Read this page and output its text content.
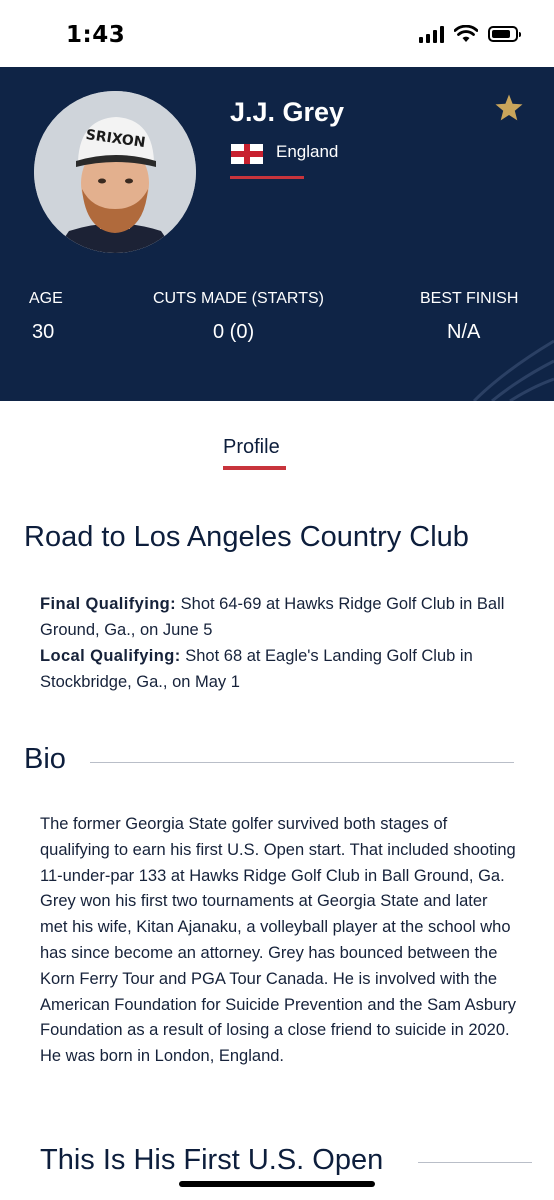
1:43
SRIXON
J.J. Grey
England
AGE
30
CUTS MADE (STARTS)
0 (0)
BEST FINISH
N/A
Profile
Road to Los Angeles Country Club
Final Qualifying: Shot 64-69 at Hawks Ridge Golf Club in Ball Ground, Ga., on June 5
Local Qualifying: Shot 68 at Eagle's Landing Golf Club in Stockbridge, Ga., on May 1
Bio
The former Georgia State golfer survived both stages of qualifying to earn his first U.S. Open start. That included shooting 11-under-par 133 at Hawks Ridge Golf Club in Ball Ground, Ga. Grey won his first two tournaments at Georgia State and later met his wife, Kitan Ajanaku, a volleyball player at the school who has since become an attorney. Grey has bounced between the Korn Ferry Tour and PGA Tour Canada. He is involved with the American Foundation for Suicide Prevention and the Sam Asbury Foundation as a result of losing a close friend to suicide in 2020. He was born in London, England.
This Is His First U.S. Open
